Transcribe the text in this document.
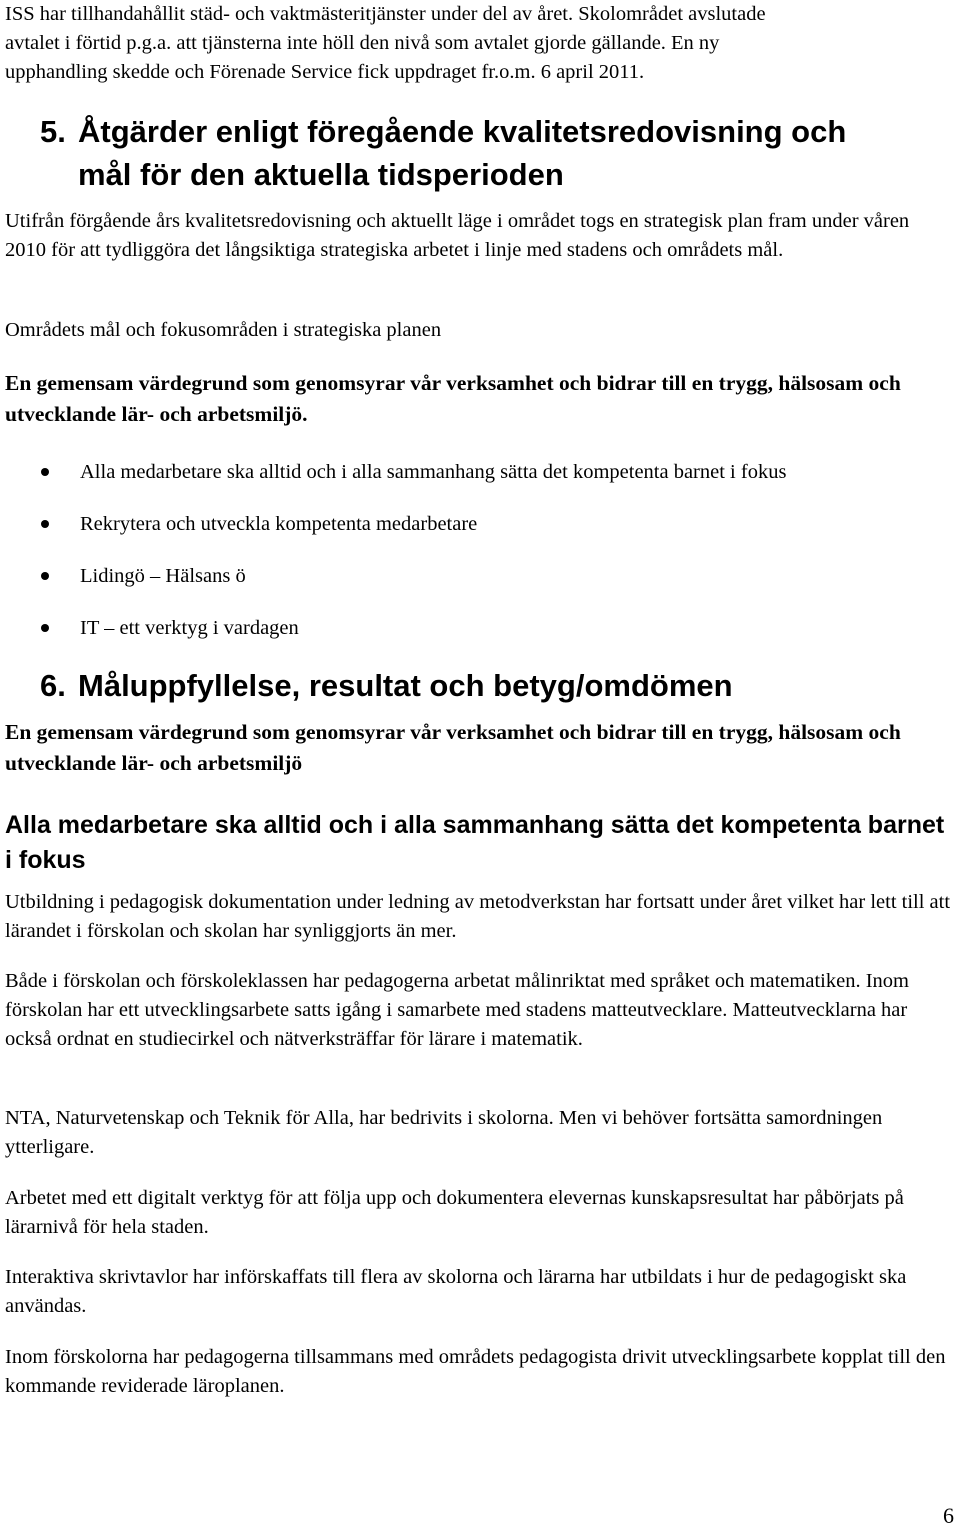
ISS har tillhandahållit städ- och vaktmästeritjänster under del av året. Skolområdet avslutade
avtalet i förtid p.g.a. att tjänsterna inte höll den nivå som avtalet gjorde gällande. En ny
upphandling skedde och Förenade Service fick uppdraget fr.o.m. 6 april 2011.
5. Åtgärder enligt föregående kvalitetsredovisning och
mål för den aktuella tidsperioden

Utifrån förgående års kvalitetsredovisning och aktuellt läge i området togs en strategisk plan fram under våren 2010 för att tydliggöra det långsiktiga strategiska arbetet i linje med stadens och områdets mål.

Områdets mål och fokusområden i strategiska planen

En gemensam värdegrund som genomsyrar vår verksamhet och bidrar till en trygg, hälsosam och utvecklande lär- och arbetsmiljö.

Alla medarbetare ska alltid och i alla sammanhang sätta det kompetenta barnet i fokus
Rekrytera och utveckla kompetenta medarbetare
Lidingö – Hälsans ö
IT – ett verktyg i vardagen
6. Måluppfyllelse, resultat och betyg/omdömen

En gemensam värdegrund som genomsyrar vår verksamhet och bidrar till en trygg, hälsosam och utvecklande lär- och arbetsmiljö

Alla medarbetare ska alltid och i alla sammanhang sätta det kompetenta barnet i fokus

Utbildning i pedagogisk dokumentation under ledning av metodverkstan har fortsatt under året vilket har lett till att lärandet i förskolan och skolan har synliggjorts än mer.

Både i förskolan och förskoleklassen har pedagogerna arbetat målinriktat med språket och matematiken. Inom förskolan har ett utvecklingsarbete satts igång i samarbete med stadens matteutvecklare. Matteutvecklarna har också ordnat en studiecirkel och nätverksträffar för lärare i matematik.

NTA, Naturvetenskap och Teknik för Alla, har bedrivits i skolorna. Men vi behöver fortsätta samordningen ytterligare.

Arbetet med ett digitalt verktyg för att följa upp och dokumentera elevernas kunskapsresultat har påbörjats på lärarnivå för hela staden.

Interaktiva skrivtavlor har införskaffats till flera av skolorna och lärarna har utbildats i hur de pedagogiskt ska användas.

Inom förskolorna har pedagogerna tillsammans med områdets pedagogista drivit utvecklingsarbete kopplat till den kommande reviderade läroplanen.

6
